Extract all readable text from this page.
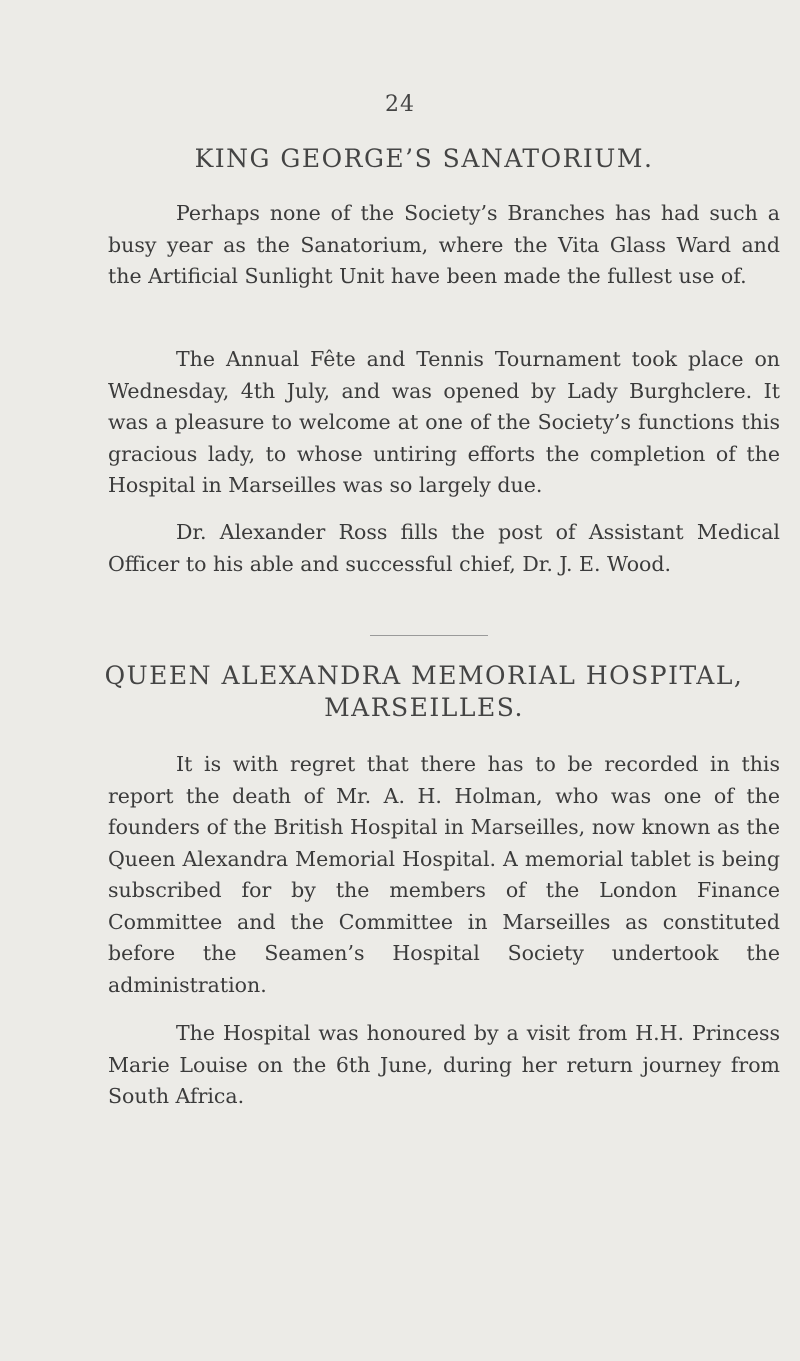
24
KING GEORGE’S SANATORIUM.

Perhaps none of the Society’s Branches has had such a busy year as the Sanatorium, where the Vita Glass Ward and the Artificial Sunlight Unit have been made the fullest use of.

The Annual Fête and Tennis Tournament took place on Wednesday, 4th July, and was opened by Lady Burghclere. It was a pleasure to welcome at one of the Society’s functions this gracious lady, to whose untiring efforts the completion of the Hospital in Marseilles was so largely due.

Dr. Alexander Ross fills the post of Assistant Medical Officer to his able and successful chief, Dr. J. E. Wood.

QUEEN ALEXANDRA MEMORIAL HOSPITAL,
MARSEILLES.

It is with regret that there has to be recorded in this report the death of Mr. A. H. Holman, who was one of the founders of the British Hospital in Marseilles, now known as the Queen Alexandra Memorial Hospital. A memorial tablet is being subscribed for by the members of the London Finance Committee and the Committee in Marseilles as constituted before the Seamen’s Hospital Society undertook the administration.

The Hospital was honoured by a visit from H.H. Princess Marie Louise on the 6th June, during her return journey from South Africa.
